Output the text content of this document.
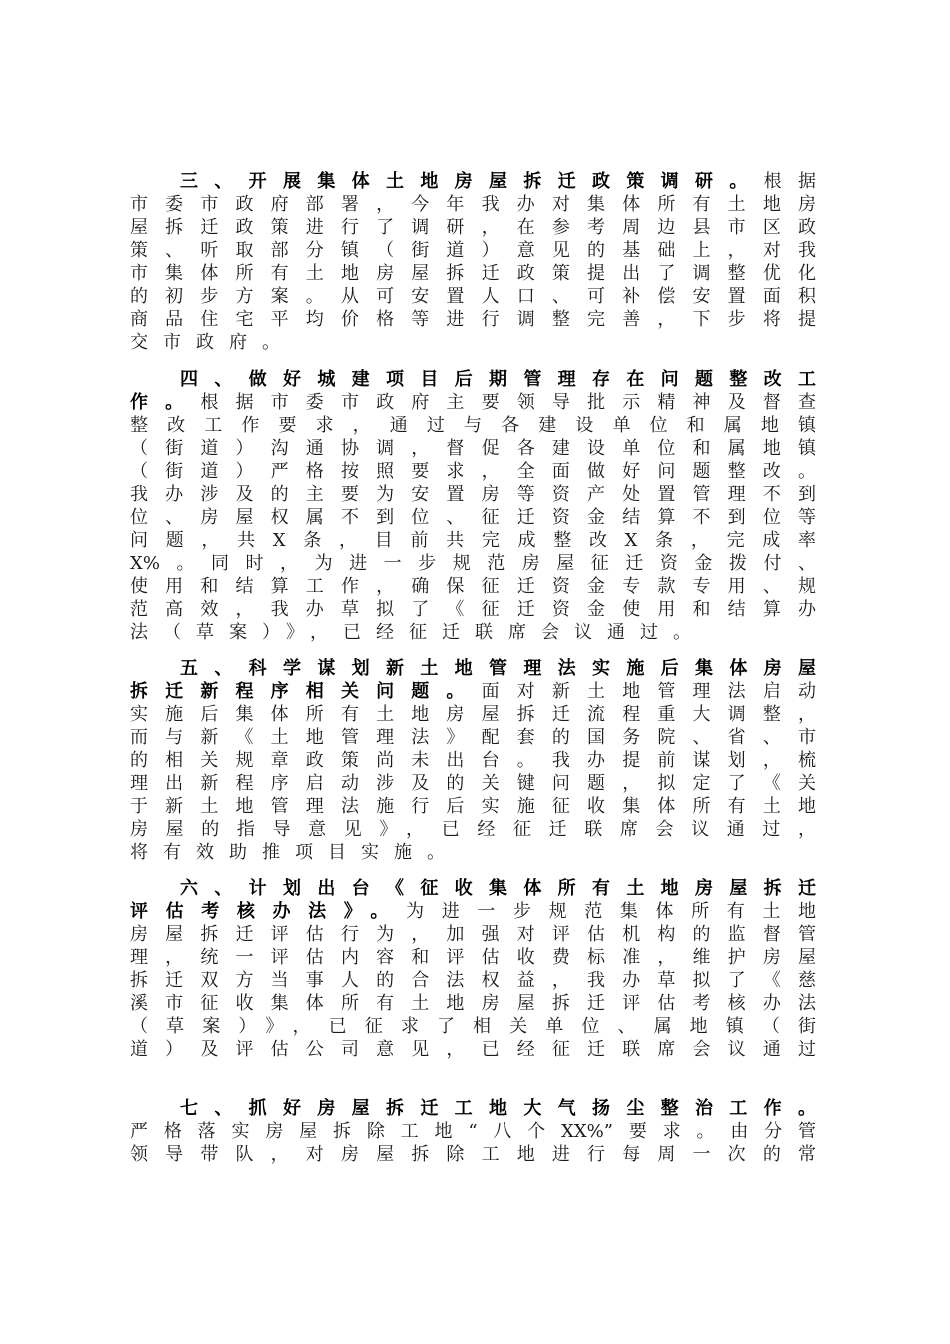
三、开展集体土地房屋拆迁政策调研。根据
市委市政府部署，今年我办对集体所有土地房
屋拆迁政策进行了调研，在参考周边县市区政
策、听取部分镇（街道）意见的基础上，对我
市集体所有土地房屋拆迁政策提出了调整优化
的初步方案。从可安置人口、可补偿安置面积
商品住宅平均价格等进行调整完善，下步将提
交市政府。
四、做好城建项目后期管理存在问题整改工
作。根据市委市政府主要领导批示精神及督查
整改工作要求，通过与各建设单位和属地镇
（街道）沟通协调，督促各建设单位和属地镇
（街道）严格按照要求，全面做好问题整改。
我办涉及的主要为安置房等资产处置管理不到
位、房屋权属不到位、征迁资金结算不到位等
问题，共X条，目前共完成整改X条，完成率
X%。同时，为进一步规范房屋征迁资金拨付、
使用和结算工作，确保征迁资金专款专用、规
范高效，我办草拟了《征迁资金使用和结算办
法（草案）》，已经征迁联席会议通过。
五、科学谋划新土地管理法实施后集体房屋
拆迁新程序相关问题。面对新土地管理法启动
实施后集体所有土地房屋拆迁流程重大调整，
而与新《土地管理法》配套的国务院、省、市
的相关规章政策尚未出台。我办提前谋划，梳
理出新程序启动涉及的关键问题，拟定了《关
于新土地管理法施行后实施征收集体所有土地
房屋的指导意见》，已经征迁联席会议通过，
将有效助推项目实施。
六、计划出台《征收集体所有土地房屋拆迁
评估考核办法》。为进一步规范集体所有土地
房屋拆迁评估行为，加强对评估机构的监督管
理，统一评估内容和评估收费标准，维护房屋
拆迁双方当事人的合法权益，我办草拟了《慈
溪市征收集体所有土地房屋拆迁评估考核办法
（草案）》，已征求了相关单位、属地镇（街
道）及评估公司意见，已经征迁联席会议通过
七、抓好房屋拆迁工地大气扬尘整治工作。
严格落实房屋拆除工地“八个XX%”要求。由分管
领导带队，对房屋拆除工地进行每周一次的常
